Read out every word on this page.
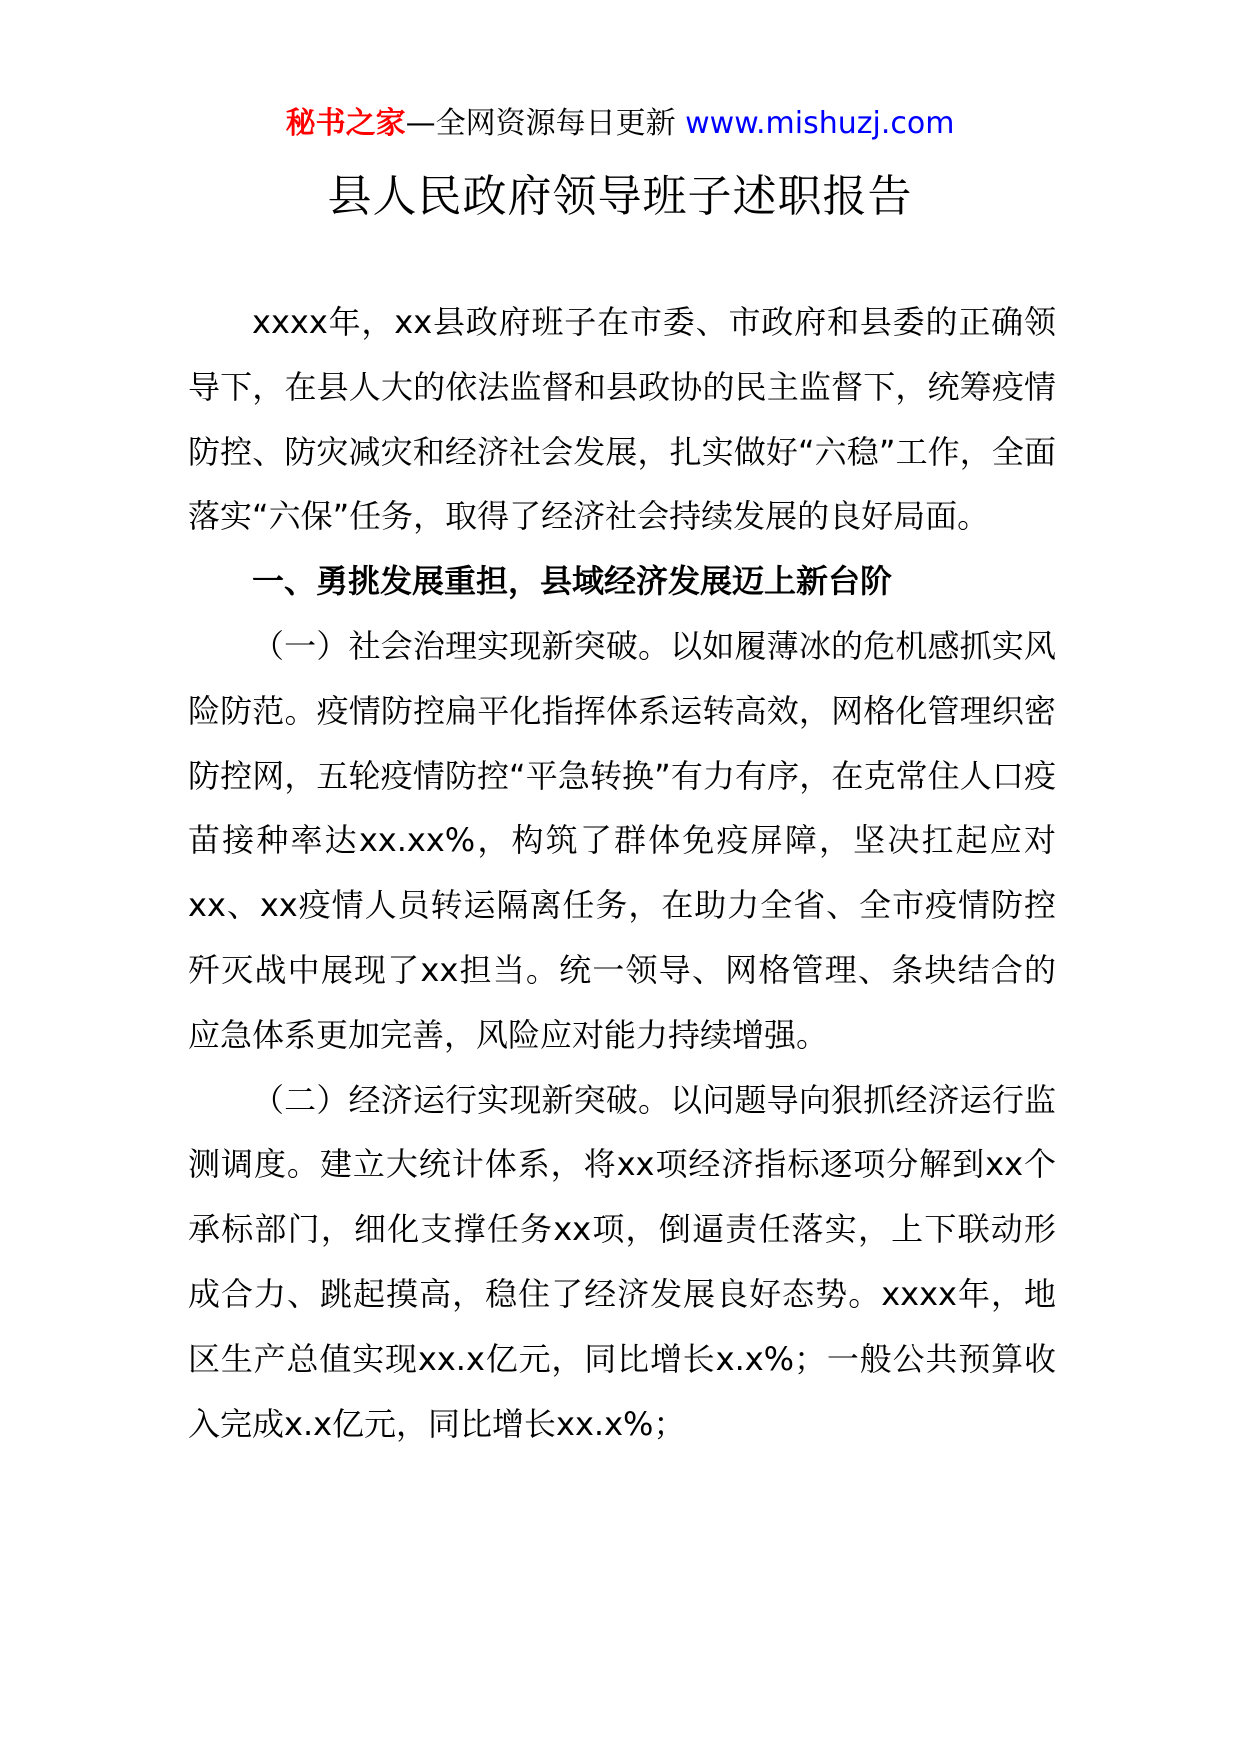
秘书之家—全网资源每日更新 www.mishuzj.com
县人民政府领导班子述职报告

xxxx年，xx县政府班子在市委、市政府和县委的正确领导下，在县人大的依法监督和县政协的民主监督下，统筹疫情防控、防灾减灾和经济社会发展，扎实做好“六稳”工作，全面落实“六保”任务，取得了经济社会持续发展的良好局面。

一、勇挑发展重担，县域经济发展迈上新台阶

（一）社会治理实现新突破。以如履薄冰的危机感抓实风险防范。疫情防控扁平化指挥体系运转高效，网格化管理织密防控网，五轮疫情防控“平急转换”有力有序，在克常住人口疫苗接种率达xx.xx%，构筑了群体免疫屏障，坚决扛起应对xx、xx疫情人员转运隔离任务，在助力全省、全市疫情防控歼灭战中展现了xx担当。统一领导、网格管理、条块结合的应急体系更加完善，风险应对能力持续增强。

（二）经济运行实现新突破。以问题导向狠抓经济运行监测调度。建立大统计体系，将xx项经济指标逐项分解到xx个承标部门，细化支撑任务xx项，倒逼责任落实，上下联动形成合力、跳起摸高，稳住了经济发展良好态势。xxxx年，地区生产总值实现xx.x亿元，同比增长x.x%；一般公共预算收入完成x.x亿元，同比增长xx.x%；
